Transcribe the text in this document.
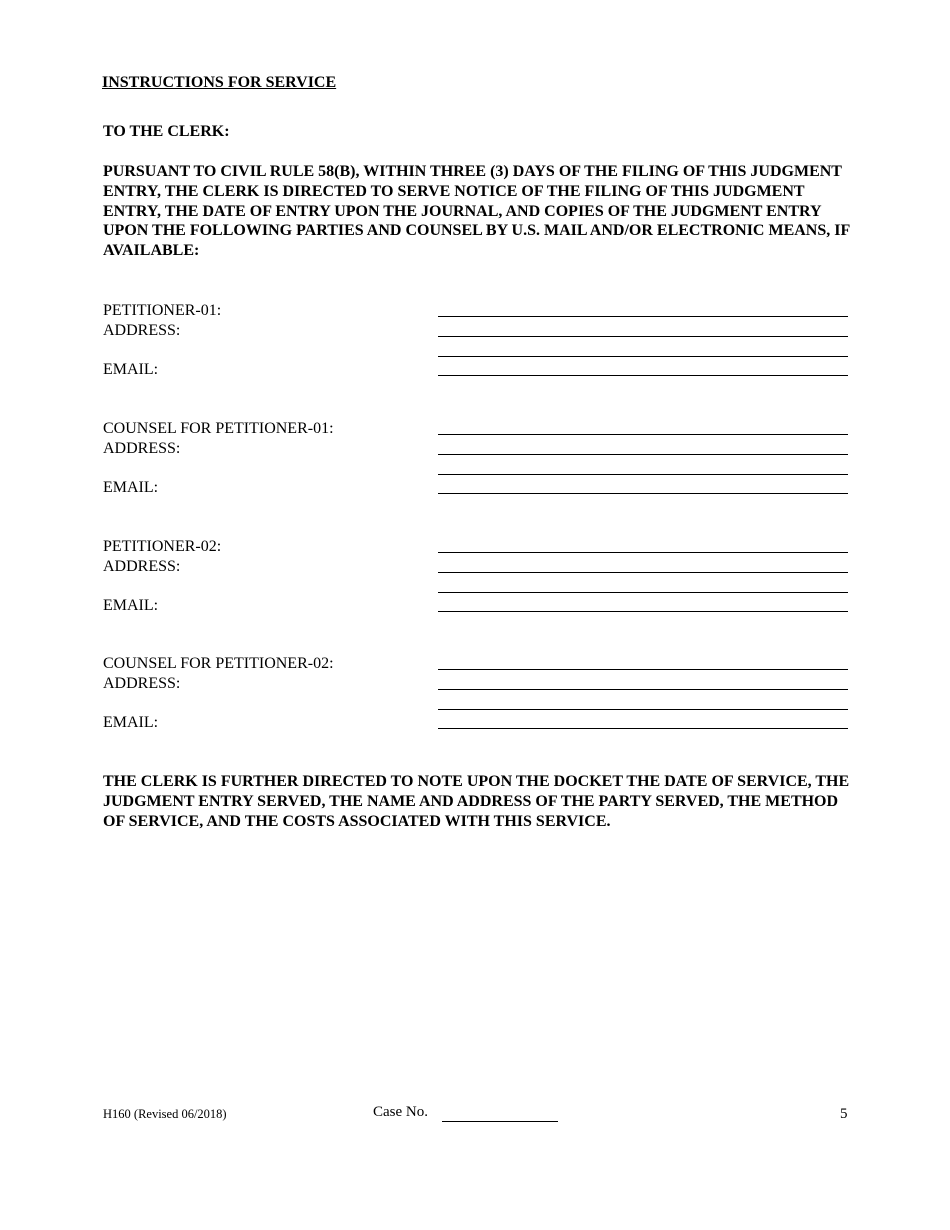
INSTRUCTIONS FOR SERVICE
TO THE CLERK:

PURSUANT TO CIVIL RULE 58(B), WITHIN THREE (3) DAYS OF THE FILING OF THIS JUDGMENT ENTRY, THE CLERK IS DIRECTED TO SERVE NOTICE OF THE FILING OF THIS JUDGMENT ENTRY, THE DATE OF ENTRY UPON THE JOURNAL, AND COPIES OF THE JUDGMENT ENTRY UPON THE FOLLOWING PARTIES AND COUNSEL BY U.S. MAIL AND/OR ELECTRONIC MEANS, IF AVAILABLE:

PETITIONER-01:
ADDRESS:
EMAIL:
COUNSEL FOR PETITIONER-01:
ADDRESS:
EMAIL:
PETITIONER-02:
ADDRESS:
EMAIL:
COUNSEL FOR PETITIONER-02:
ADDRESS:
EMAIL:

THE CLERK IS FURTHER DIRECTED TO NOTE UPON THE DOCKET THE DATE OF SERVICE, THE JUDGMENT ENTRY SERVED, THE NAME AND ADDRESS OF THE PARTY SERVED, THE METHOD OF SERVICE, AND THE COSTS ASSOCIATED WITH THIS SERVICE.

H160 (Revised 06/2018)	Case No.	5
